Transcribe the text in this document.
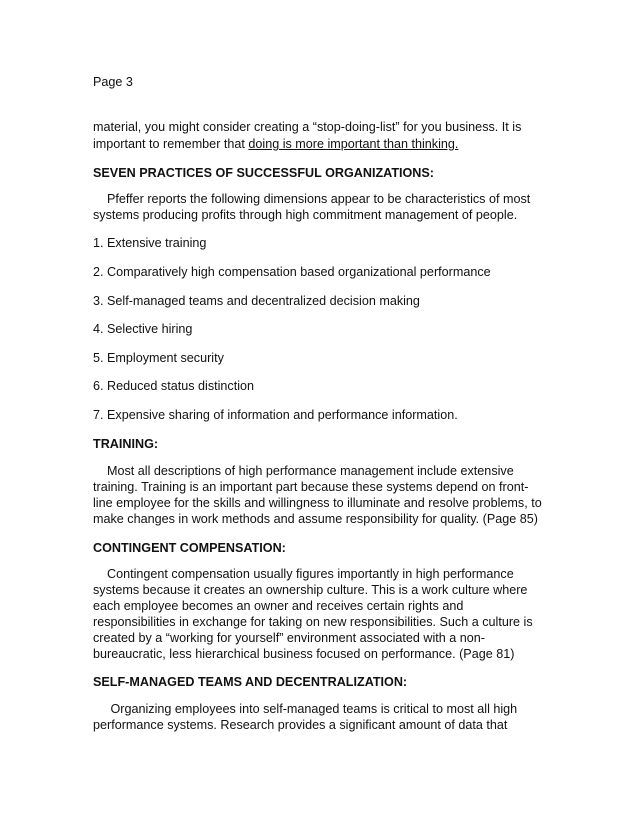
Page 3
material, you might consider creating a “stop-doing-list” for you business. It is
important to remember that doing is more important than thinking.
SEVEN PRACTICES OF SUCCESSFUL ORGANIZATIONS:
Pfeffer reports the following dimensions appear to be characteristics of most
systems producing profits through high commitment management of people.
1. Extensive training
2. Comparatively high compensation based organizational performance
3. Self-managed teams and decentralized decision making
4. Selective hiring
5. Employment security
6. Reduced status distinction
7. Expensive sharing of information and performance information.
TRAINING:
Most all descriptions of high performance management include extensive
training. Training is an important part because these systems depend on front-
line employee for the skills and willingness to illuminate and resolve problems, to
make changes in work methods and assume responsibility for quality. (Page 85)
CONTINGENT COMPENSATION:
Contingent compensation usually figures importantly in high performance
systems because it creates an ownership culture. This is a work culture where
each employee becomes an owner and receives certain rights and
responsibilities in exchange for taking on new responsibilities. Such a culture is
created by a “working for yourself” environment associated with a non-
bureaucratic, less hierarchical business focused on performance. (Page 81)
SELF-MANAGED TEAMS AND DECENTRALIZATION:
Organizing employees into self-managed teams is critical to most all high
performance systems. Research provides a significant amount of data that
